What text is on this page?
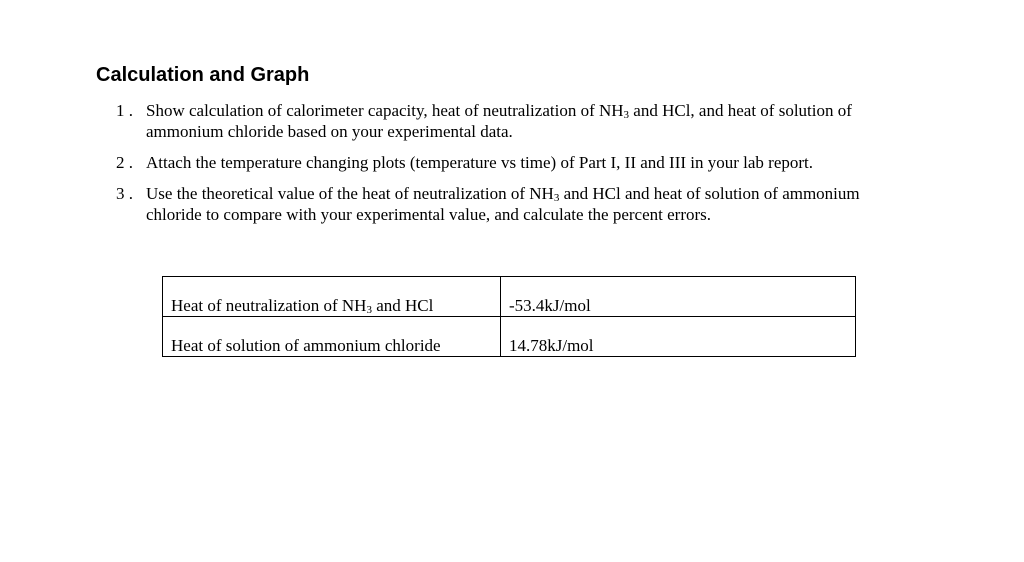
Calculation and Graph
1 . Show calculation of calorimeter capacity, heat of neutralization of $NH_3$ and HCl, and heat of solution of ammonium chloride based on your experimental data.
2 . Attach the temperature changing plots (temperature vs time) of Part I, II and III in your lab report.
3 . Use the theoretical value of the heat of neutralization of $NH_3$ and HCl and heat of solution of ammonium chloride to compare with your experimental value, and calculate the percent errors.
Heat of neutralization of $NH_3$ and HCl	-53.4kJ/mol
Heat of solution of ammonium chloride	14.78kJ/mol
